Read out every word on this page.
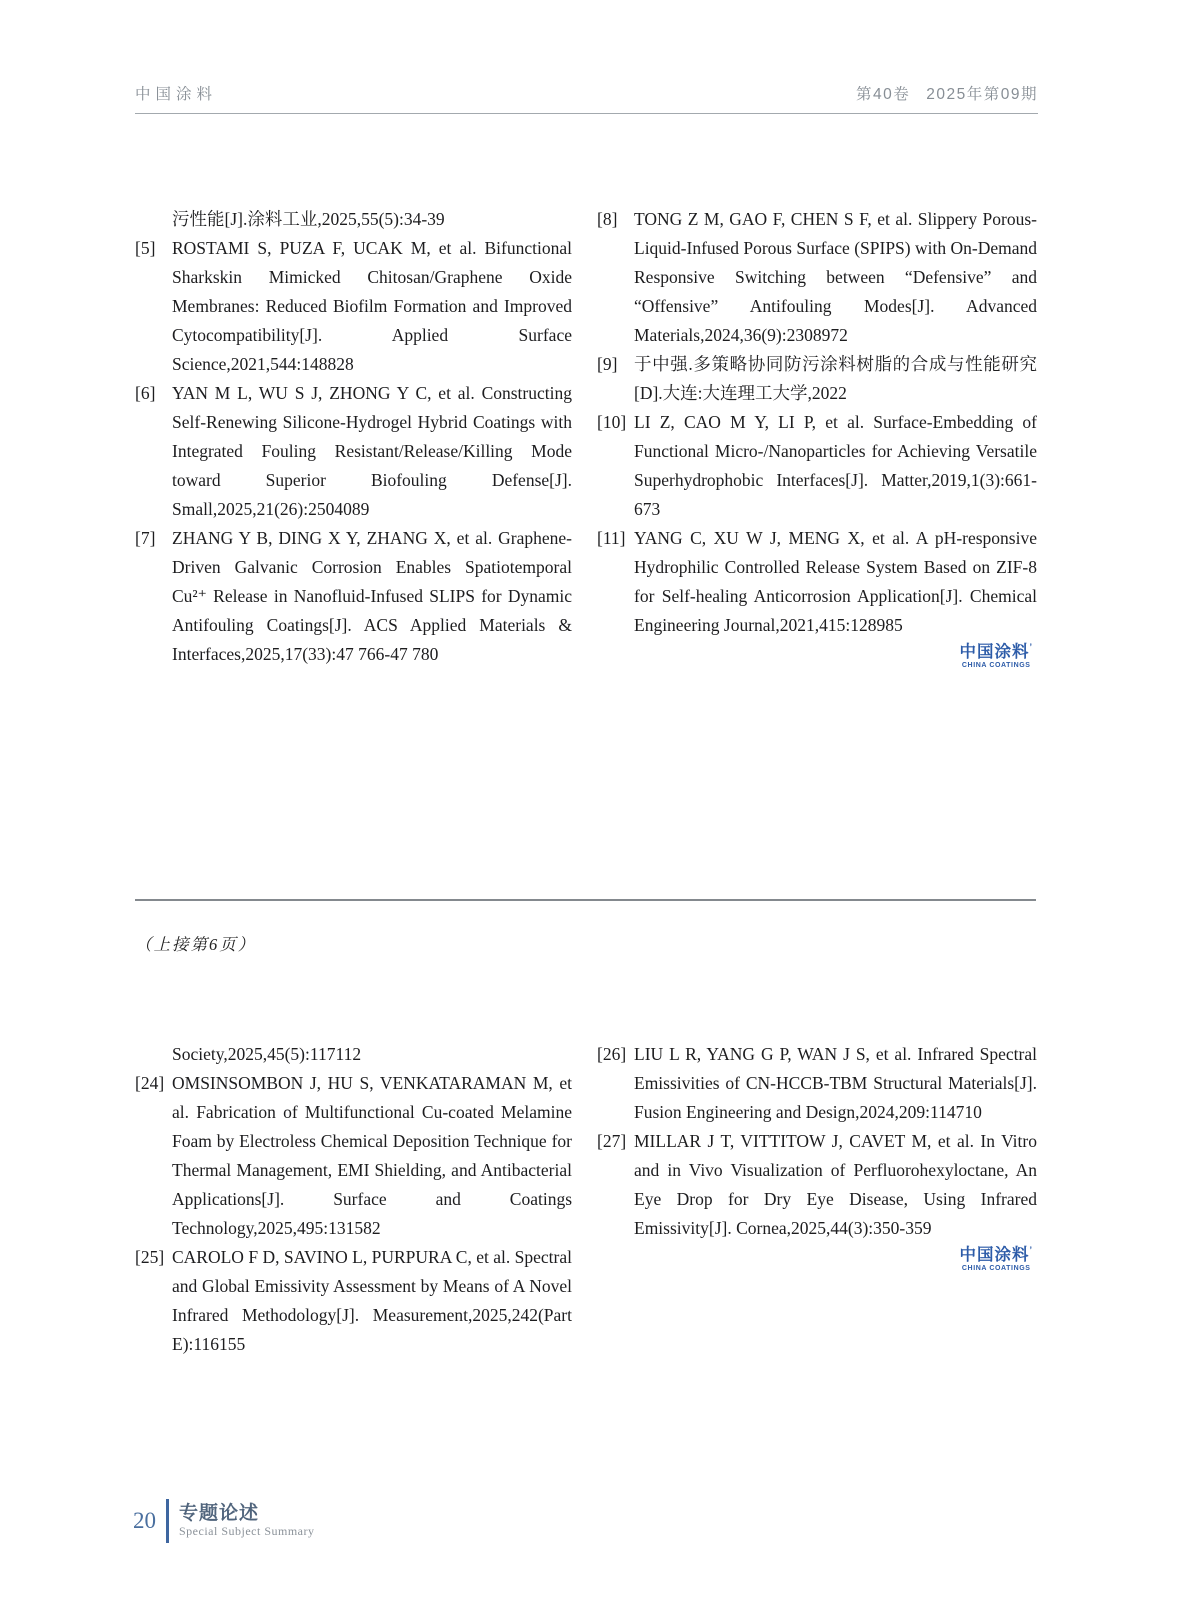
中国涂料	第40卷 2025年第09期
污性能[J].涂料工业,2025,55(5):34-39
[5] ROSTAMI S, PUZA F, UCAK M, et al. Bifunctional Sharkskin Mimicked Chitosan/Graphene Oxide Membranes: Reduced Biofilm Formation and Improved Cytocompatibility[J]. Applied Surface Science,2021,544:148828
[6] YAN M L, WU S J, ZHONG Y C, et al. Constructing Self-Renewing Silicone-Hydrogel Hybrid Coatings with Integrated Fouling Resistant/Release/Killing Mode toward Superior Biofouling Defense[J]. Small,2025,21(26):2504089
[7] ZHANG Y B, DING X Y, ZHANG X, et al. Graphene-Driven Galvanic Corrosion Enables Spatiotemporal Cu²⁺ Release in Nanofluid-Infused SLIPS for Dynamic Antifouling Coatings[J]. ACS Applied Materials & Interfaces,2025,17(33):47 766-47 780
[8] TONG Z M, GAO F, CHEN S F, et al. Slippery Porous-Liquid-Infused Porous Surface (SPIPS) with On-Demand Responsive Switching between “Defensive” and “Offensive” Antifouling Modes[J]. Advanced Materials,2024,36(9):2308972
[9] 于中强.多策略协同防污涂料树脂的合成与性能研究[D].大连:大连理工大学,2022
[10] LI Z, CAO M Y, LI P, et al. Surface-Embedding of Functional Micro-/Nanoparticles for Achieving Versatile Superhydrophobic Interfaces[J]. Matter,2019,1(3):661-673
[11] YANG C, XU W J, MENG X, et al. A pH-responsive Hydrophilic Controlled Release System Based on ZIF-8 for Self-healing Anticorrosion Application[J]. Chemical Engineering Journal,2021,415:128985
中国涂料’
CHINA COATINGS
（上接第6页）
Society,2025,45(5):117112
[24] OMSINSOMBON J, HU S, VENKATARAMAN M, et al. Fabrication of Multifunctional Cu-coated Melamine Foam by Electroless Chemical Deposition Technique for Thermal Management, EMI Shielding, and Antibacterial Applications[J]. Surface and Coatings Technology,2025,495:131582
[25] CAROLO F D, SAVINO L, PURPURA C, et al. Spectral and Global Emissivity Assessment by Means of A Novel Infrared Methodology[J]. Measurement,2025,242(Part E):116155
[26] LIU L R, YANG G P, WAN J S, et al. Infrared Spectral Emissivities of CN-HCCB-TBM Structural Materials[J]. Fusion Engineering and Design,2024,209:114710
[27] MILLAR J T, VITTITOW J, CAVET M, et al. In Vitro and in Vivo Visualization of Perfluorohexyloctane, An Eye Drop for Dry Eye Disease, Using Infrared Emissivity[J]. Cornea,2025,44(3):350-359
中国涂料’
CHINA COATINGS
20 专题论述
Special Subject Summary
